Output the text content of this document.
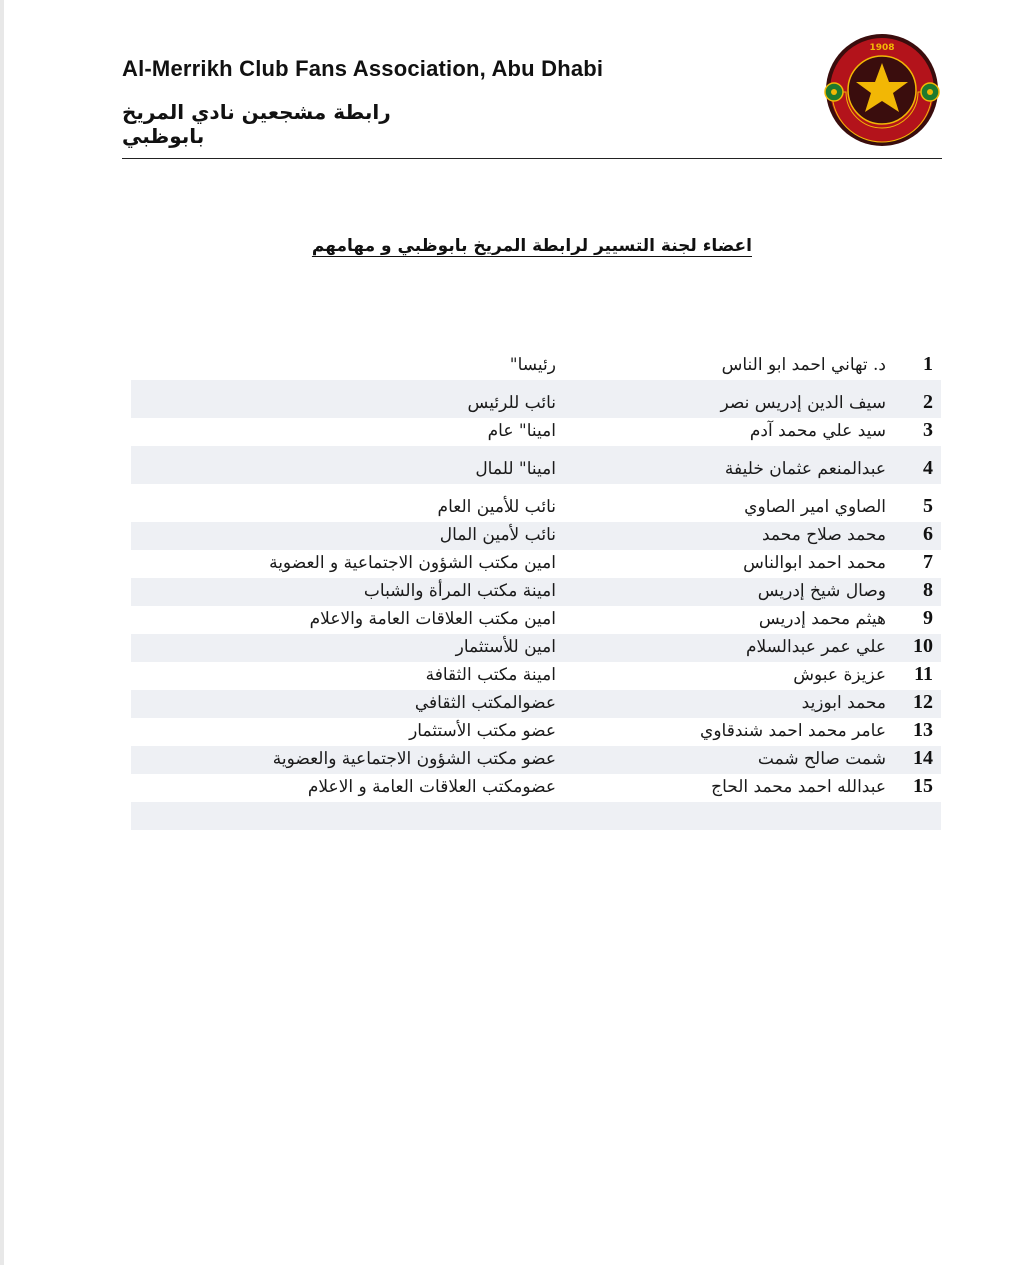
Al-Merrikh Club Fans Association, Abu Dhabi
رابطة مشجعين نادي المريخ بابوظبي
1908
اعضاء لجنة التسيير لرابطة المريخ بابوظبي و مهامهم
1
د. تهاني احمد ابو الناس
رئيسا"
2
سيف الدين إدريس نصر
نائب للرئيس
3
سيد علي محمد آدم
امينا" عام
4
عبدالمنعم عثمان خليفة
امينا" للمال
5
الصاوي امير الصاوي
نائب للأمين العام
6
محمد صلاح محمد
نائب لأمين المال
7
محمد احمد ابوالناس
امين مكتب الشؤون الاجتماعية و العضوية
8
وصال شيخ إدريس
امينة مكتب المرأة والشباب
9
هيثم محمد إدريس
امين مكتب العلاقات العامة والاعلام
10
علي عمر عبدالسلام
امين للأستثمار
11
عزيزة عبوش
امينة مكتب الثقافة
12
محمد ابوزيد
عضوالمكتب الثقافي
13
عامر محمد احمد شندقاوي
عضو مكتب الأستثمار
14
شمت صالح شمت
عضو مكتب الشؤون الاجتماعية والعضوية
15
عبدالله احمد محمد الحاج
عضومكتب العلاقات العامة و الاعلام
